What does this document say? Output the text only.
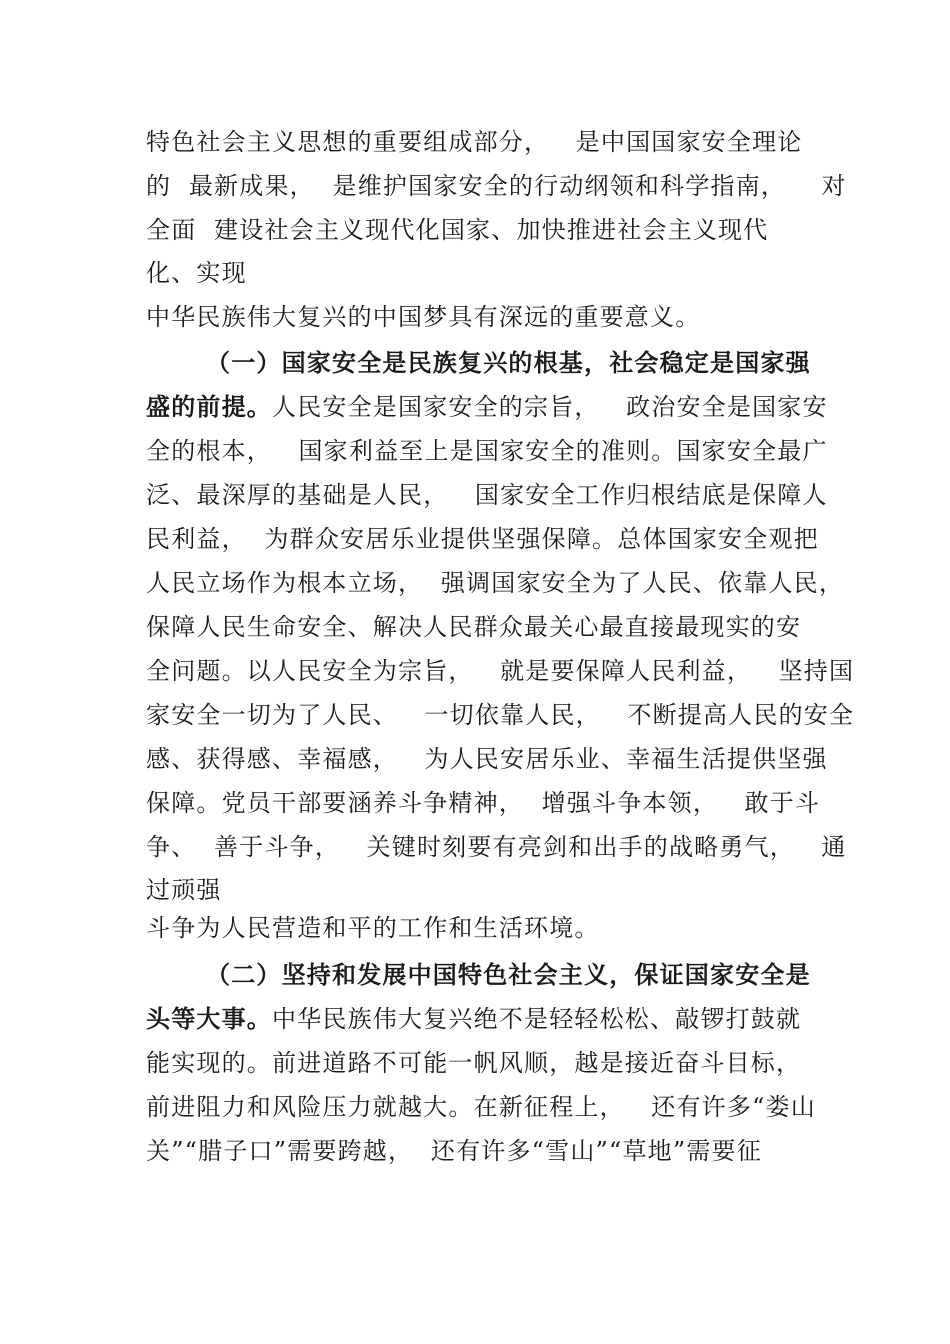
特色社会主义思想的重要组成部分，   是中国国家安全理论
的  最新成果，  是维护国家安全的行动纲领和科学指南，    对
全面  建设社会主义现代化国家、加快推进社会主义现代
化、实现
中华民族伟大复兴的中国梦具有深远的重要意义。
（一）国家安全是民族复兴的根基，社会稳定是国家强
盛的前提。人民安全是国家安全的宗旨，   政治安全是国家安
全的根本，   国家利益至上是国家安全的准则。国家安全最广
泛、最深厚的基础是人民，   国家安全工作归根结底是保障人
民利益，  为群众安居乐业提供坚强保障。总体国家安全观把
人民立场作为根本立场，  强调国家安全为了人民、依靠人民，
保障人民生命安全、解决人民群众最关心最直接最现实的安
全问题。以人民安全为宗旨，   就是要保障人民利益，   坚持国
家安全一切为了人民、   一切依靠人民，   不断提高人民的安全
感、获得感、幸福感，   为人民安居乐业、幸福生活提供坚强
保障。党员干部要涵养斗争精神，  增强斗争本领，   敢于斗
争、  善于斗争，   关键时刻要有亮剑和出手的战略勇气，   通
过顽强
斗争为人民营造和平的工作和生活环境。
（二）坚持和发展中国特色社会主义，保证国家安全是
头等大事。中华民族伟大复兴绝不是轻轻松松、敲锣打鼓就
能实现的。前进道路不可能一帆风顺，越是接近奋斗目标，
前进阻力和风险压力就越大。在新征程上，   还有许多“娄山
关”“腊子口”需要跨越，  还有许多“雪山”“草地”需要征
